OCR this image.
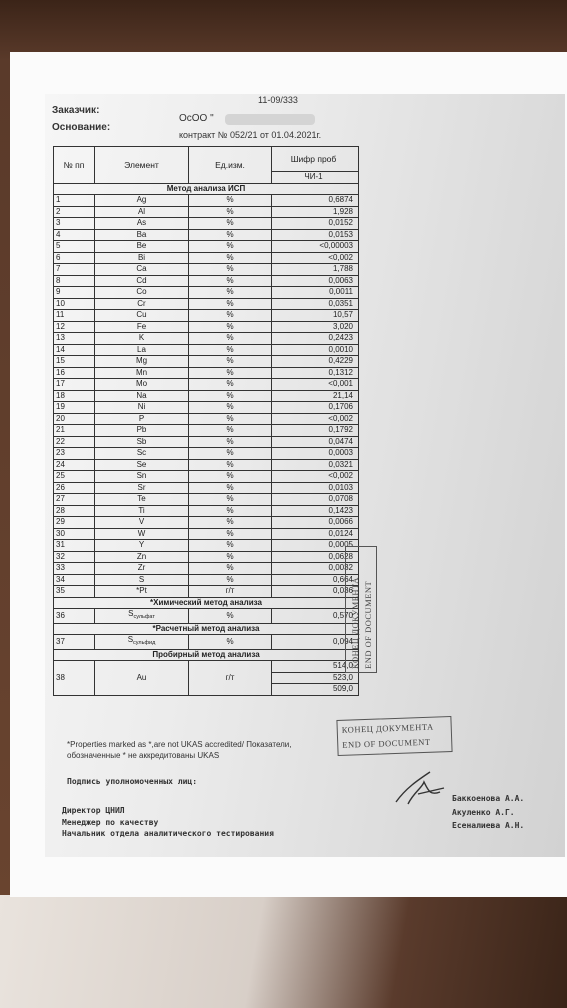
11-09/333
Заказчик:
ОсОО "
Основание:
контракт № 052/21 от 01.04.2021г.
№ пп	Элемент	Ед.изм.	Шифр проб
			ЧИ-1
Метод анализа ИСП			
1	Ag	%	0,6874
2	Al	%	1,928
3	As	%	0,0152
4	Ba	%	0,0153
5	Be	%	<0,00003
6	Bi	%	<0,002
7	Ca	%	1,788
8	Cd	%	0,0063
9	Co	%	0,0011
10	Cr	%	0,0351
11	Cu	%	10,57
12	Fe	%	3,020
13	K	%	0,2423
14	La	%	0,0010
15	Mg	%	0,4229
16	Mn	%	0,1312
17	Mo	%	<0,001
18	Na	%	21,14
19	Ni	%	0,1706
20	P	%	<0,002
21	Pb	%	0,1792
22	Sb	%	0,0474
23	Sc	%	0,0003
24	Se	%	0,0321
25	Sn	%	<0,002
26	Sr	%	0,0103
27	Te	%	0,0708
28	Ti	%	0,1423
29	V	%	0,0066
30	W	%	0,0124
31	Y	%	0,0005
32	Zn	%	0,0628
33	Zr	%	0,0032
34	S	%	0,664
35	*Pt	г/т	0,036
*Химический метод анализа			
36	$S_{сульфат}$	%	0,570
*Расчетный метод анализа			
37	$S_{сульфид}$	%	0,094
Пробирный метод анализа			
38	Au	г/т	514,0
			523,0
			509,0
КОНЕЦ ДОКУМЕНТА END OF DOCUMENT
КОНЕЦ ДОКУМЕНТА
END OF DOCUMENT
*Properties marked as *,are not UKAS accredited/ Показатели,
обозначенные * не аккредитованы UKAS
Подпись уполномоченных лиц:
Директор ЦНИЛ
Менеджер по качеству
Начальник отдела аналитического тестирования
Баккоенова А.А.
Акуленко А.Г.
Есеналиева А.Н.
